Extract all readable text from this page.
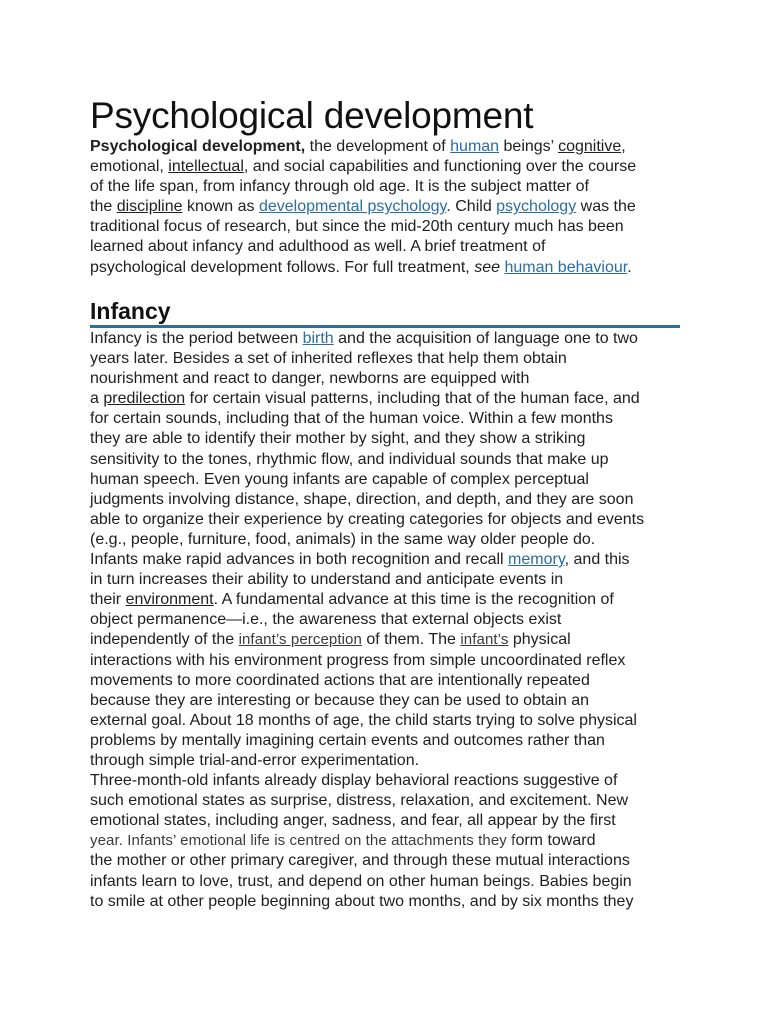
Psychological development
Psychological development, the development of human beings’ cognitive,
emotional, intellectual, and social capabilities and functioning over the course
of the life span, from infancy through old age. It is the subject matter of
the discipline known as developmental psychology. Child psychology was the
traditional focus of research, but since the mid-20th century much has been
learned about infancy and adulthood as well. A brief treatment of
psychological development follows. For full treatment, see human behaviour.
Infancy
Infancy is the period between birth and the acquisition of language one to two
years later. Besides a set of inherited reflexes that help them obtain
nourishment and react to danger, newborns are equipped with
a predilection for certain visual patterns, including that of the human face, and
for certain sounds, including that of the human voice. Within a few months
they are able to identify their mother by sight, and they show a striking
sensitivity to the tones, rhythmic flow, and individual sounds that make up
human speech. Even young infants are capable of complex perceptual
judgments involving distance, shape, direction, and depth, and they are soon
able to organize their experience by creating categories for objects and events
(e.g., people, furniture, food, animals) in the same way older people do.
Infants make rapid advances in both recognition and recall memory, and this
in turn increases their ability to understand and anticipate events in
their environment. A fundamental advance at this time is the recognition of
object permanence—i.e., the awareness that external objects exist
independently of the infant’s perception of them. The infant’s physical
interactions with his environment progress from simple uncoordinated reflex
movements to more coordinated actions that are intentionally repeated
because they are interesting or because they can be used to obtain an
external goal. About 18 months of age, the child starts trying to solve physical
problems by mentally imagining certain events and outcomes rather than
through simple trial-and-error experimentation.
Three-month-old infants already display behavioral reactions suggestive of
such emotional states as surprise, distress, relaxation, and excitement. New
emotional states, including anger, sadness, and fear, all appear by the first
year. Infants’ emotional life is centred on the attachments they form toward
the mother or other primary caregiver, and through these mutual interactions
infants learn to love, trust, and depend on other human beings. Babies begin
to smile at other people beginning about two months, and by six months they
